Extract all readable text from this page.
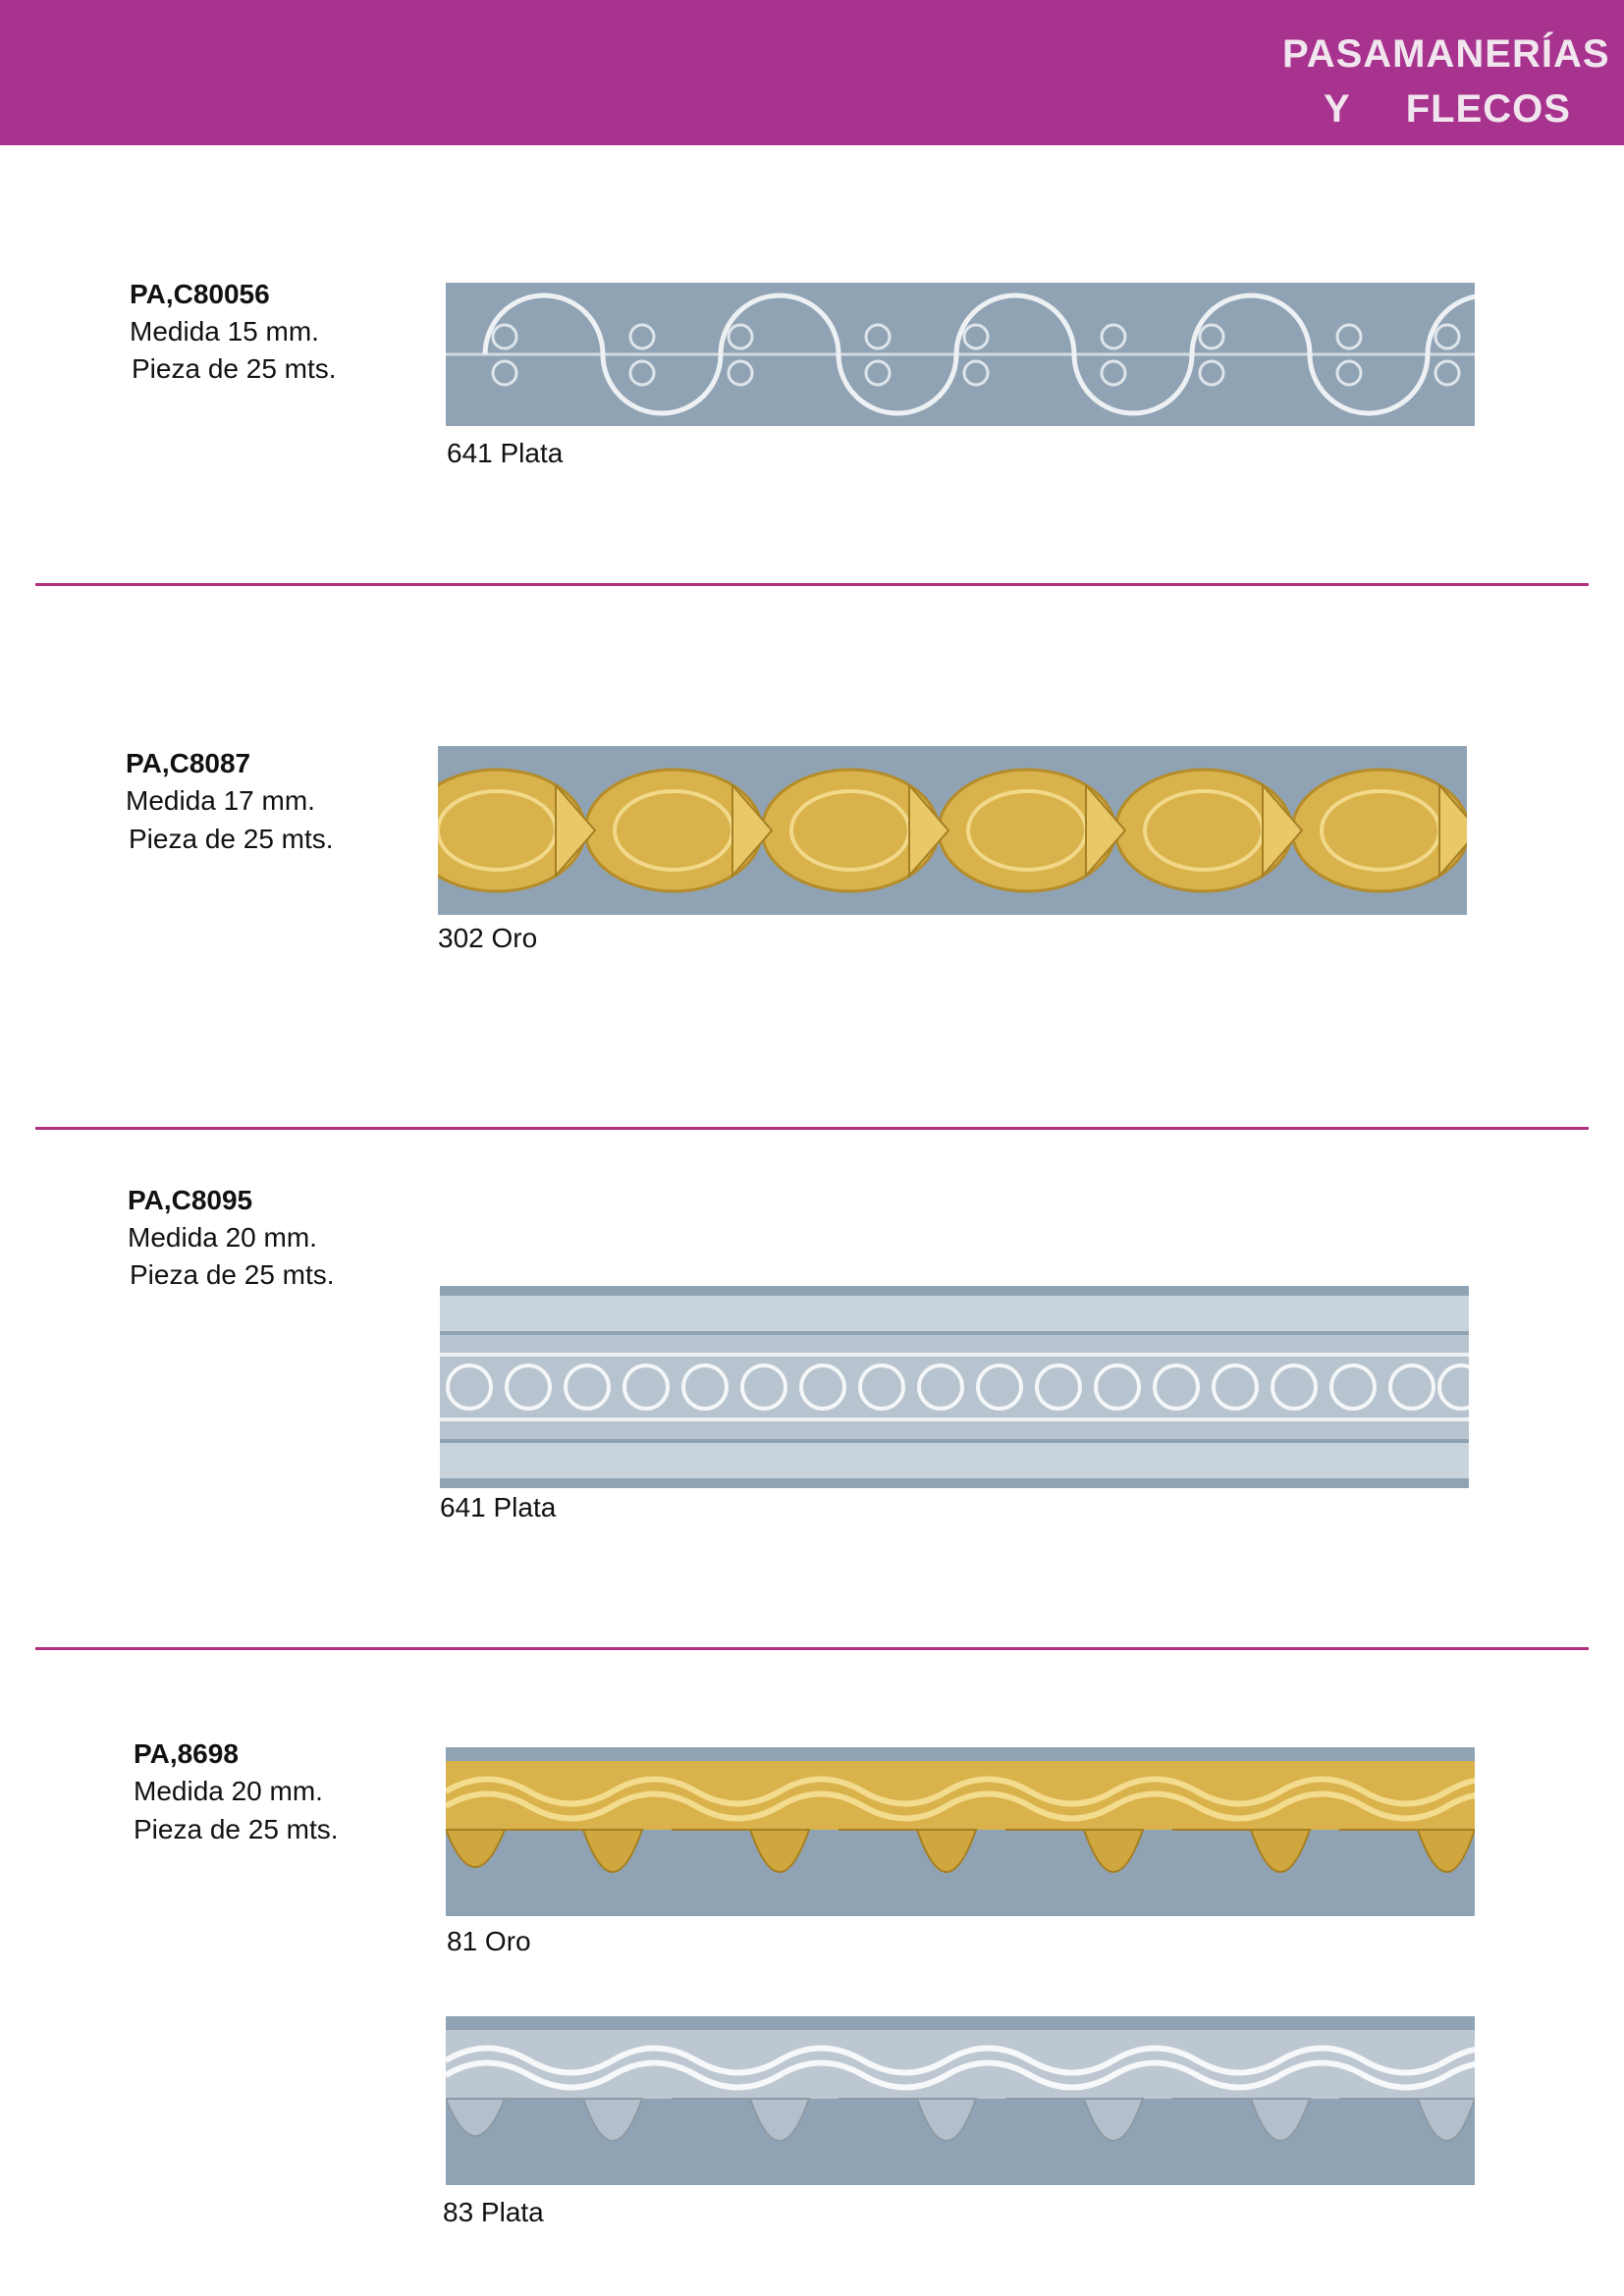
PASAMANERÍAS
Y FLECOS
PA,C80056
Medida 15 mm.
Pieza de 25 mts.
641 Plata
PA,C8087
Medida 17 mm.
Pieza de 25 mts.
302 Oro
PA,C8095
Medida 20 mm.
Pieza de 25 mts.
641 Plata
PA,8698
Medida 20 mm.
Pieza de 25 mts.
81 Oro
83 Plata
